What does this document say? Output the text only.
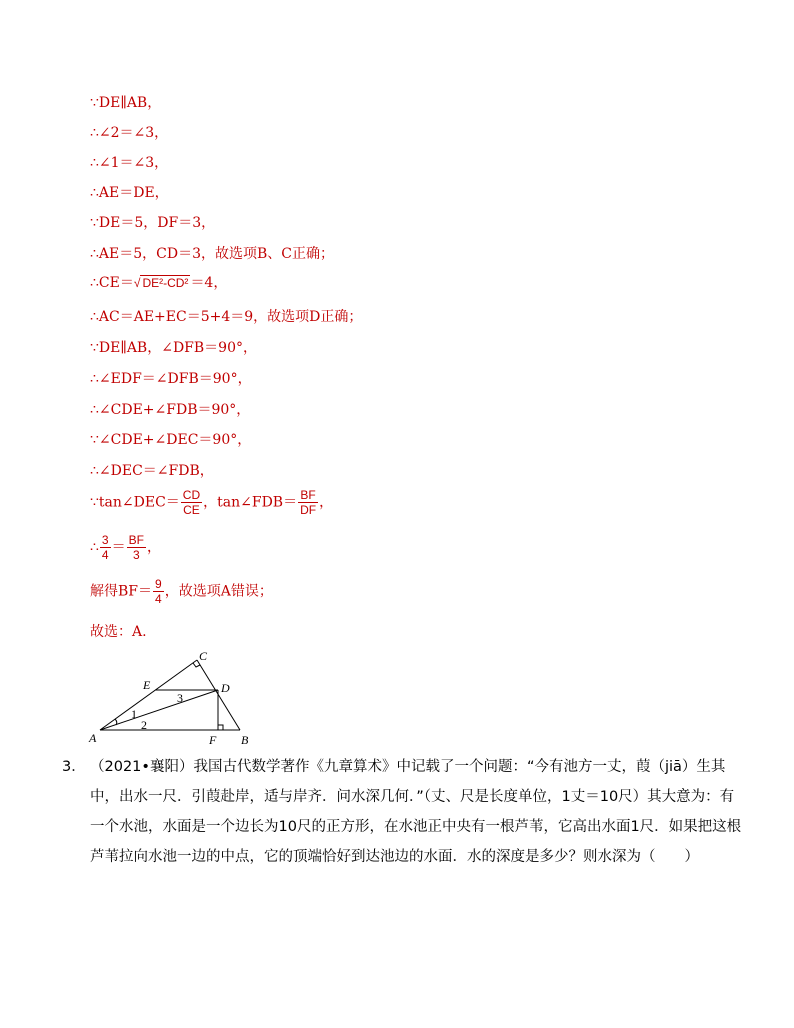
∵DE∥AB，
∴∠2＝∠3，
∴∠1＝∠3，
∴AE＝DE，
∵DE＝5，DF＝3，
∴AE＝5，CD＝3，故选项B、C正确；
∴CE＝√ DE²-CD² ＝4，
∴AC＝AE+EC＝5+4＝9，故选项D正确；
∵DE∥AB，∠DFB＝90°，
∴∠EDF＝∠DFB＝90°，
∴∠CDE+∠FDB＝90°，
∵∠CDE+∠DEC＝90°，
∴∠DEC＝∠FDB，
∵tan∠DEC＝ $\frac{CD}{CE}$ ，tan∠FDB＝ $\frac{BF}{DF}$ ，
∴ $\frac{3}{4} = \frac{BF}{3}$ ，
解得$BF= \frac{9}{4}$ ，故选项A错误；
故选：A.
C
E	D
A	F B
1
2
3
3． （2021•襄阳）我国古代数学著作《九章算术》中记载了一个问题：“今有池方一丈，葭（jiā）生其中，出水一尺．引葭赴岸，适与岸齐．问水深几何．”（丈、尺是长度单位，1丈＝10尺）其大意为：有一个水池，水面是一个边长为10尺的正方形，在水池正中央有一根芦苇，它高出水面1尺．如果把这根芦苇拉向水池一边的中点，它的顶端恰好到达池边的水面．水的深度是多少？则水深为（　　）
